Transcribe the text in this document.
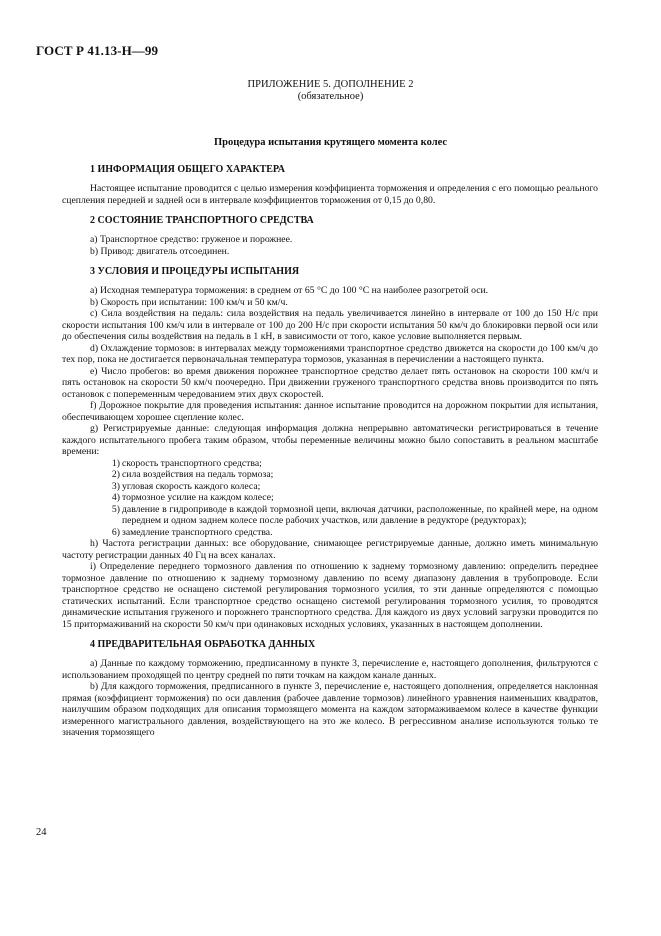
ГОСТ Р 41.13-Н—99
ПРИЛОЖЕНИЕ 5. ДОПОЛНЕНИЕ 2
(обязательное)
Процедура испытания крутящего момента колес
1 ИНФОРМАЦИЯ ОБЩЕГО ХАРАКТЕРА

Настоящее испытание проводится с целью измерения коэффициента торможения и определения с его помощью реального сцепления передней и задней оси в интервале коэффициентов торможения от 0,15 до 0,80.

2 СОСТОЯНИЕ ТРАНСПОРТНОГО СРЕДСТВА

а) Транспортное средство: груженое и порожнее.

b) Привод: двигатель отсоединен.

3 УСЛОВИЯ И ПРОЦЕДУРЫ ИСПЫТАНИЯ

а) Исходная температура торможения: в среднем от 65 °С до 100 °С на наиболее разогретой оси.

b) Скорость при испытании: 100 км/ч и 50 км/ч.

с) Сила воздействия на педаль: сила воздействия на педаль увеличивается линейно в интервале от 100 до 150 Н/с при скорости испытания 100 км/ч или в интервале от 100 до 200 Н/с при скорости испытания 50 км/ч до блокировки первой оси или до обеспечения силы воздействия на педаль в 1 кН, в зависимости от того, какое условие выполняется первым.

d) Охлаждение тормозов: в интервалах между торможениями транспортное средство движется на скорости до 100 км/ч до тех пор, пока не достигается первоначальная температура тормозов, указанная в перечислении а настоящего пункта.

е) Число пробегов: во время движения порожнее транспортное средство делает пять остановок на скорости 100 км/ч и пять остановок на скорости 50 км/ч поочередно. При движении груженого транспортного средства вновь производится по пять остановок с попеременным чередованием этих двух скоростей.

f) Дорожное покрытие для проведения испытания: данное испытание проводится на дорожном покрытии для испытания, обеспечивающем хорошее сцепление колес.

g) Регистрируемые данные: следующая информация должна непрерывно автоматически регистрироваться в течение каждого испытательного пробега таким образом, чтобы переменные величины можно было сопоставить в реальном масштабе времени:

1) скорость транспортного средства;
2) сила воздействия на педаль тормоза;
3) угловая скорость каждого колеса;
4) тормозное усилие на каждом колесе;
5) давление в гидроприводе в каждой тормозной цепи, включая датчики, расположенные, по крайней мере, на одном переднем и одном заднем колесе после рабочих участков, или давление в редукторе (редукторах);
6) замедление транспортного средства.

h) Частота регистрации данных: все оборудование, снимающее регистрируемые данные, должно иметь минимальную частоту регистрации данных 40 Гц на всех каналах.

i) Определение переднего тормозного давления по отношению к заднему тормозному давлению: определить переднее тормозное давление по отношению к заднему тормозному давлению по всему диапазону давления в трубопроводе. Если транспортное средство не оснащено системой регулирования тормозного усилия, то эти данные определяются с помощью статических испытаний. Если транспортное средство оснащено системой регулирования тормозного усилия, то проводятся динамические испытания груженого и порожнего транспортного средства. Для каждого из двух условий загрузки проводится по 15 притормаживаний на скорости 50 км/ч при одинаковых исходных условиях, указанных в настоящем дополнении.

4 ПРЕДВАРИТЕЛЬНАЯ ОБРАБОТКА ДАННЫХ

а) Данные по каждому торможению, предписанному в пункте 3, перечисление е, настоящего дополнения, фильтруются с использованием проходящей по центру средней по пяти точкам на каждом канале данных.

b) Для каждого торможения, предписанного в пункте 3, перечисление е, настоящего дополнения, определяется наклонная прямая (коэффициент торможения) по оси давления (рабочее давление тормозов) линейного уравнения наименьших квадратов, наилучшим образом подходящих для описания тормозящего момента на каждом затормаживаемом колесе в качестве функции измеренного магистрального давления, воздействующего на это же колесо. В регрессивном анализе используются только те значения тормозящего

24
